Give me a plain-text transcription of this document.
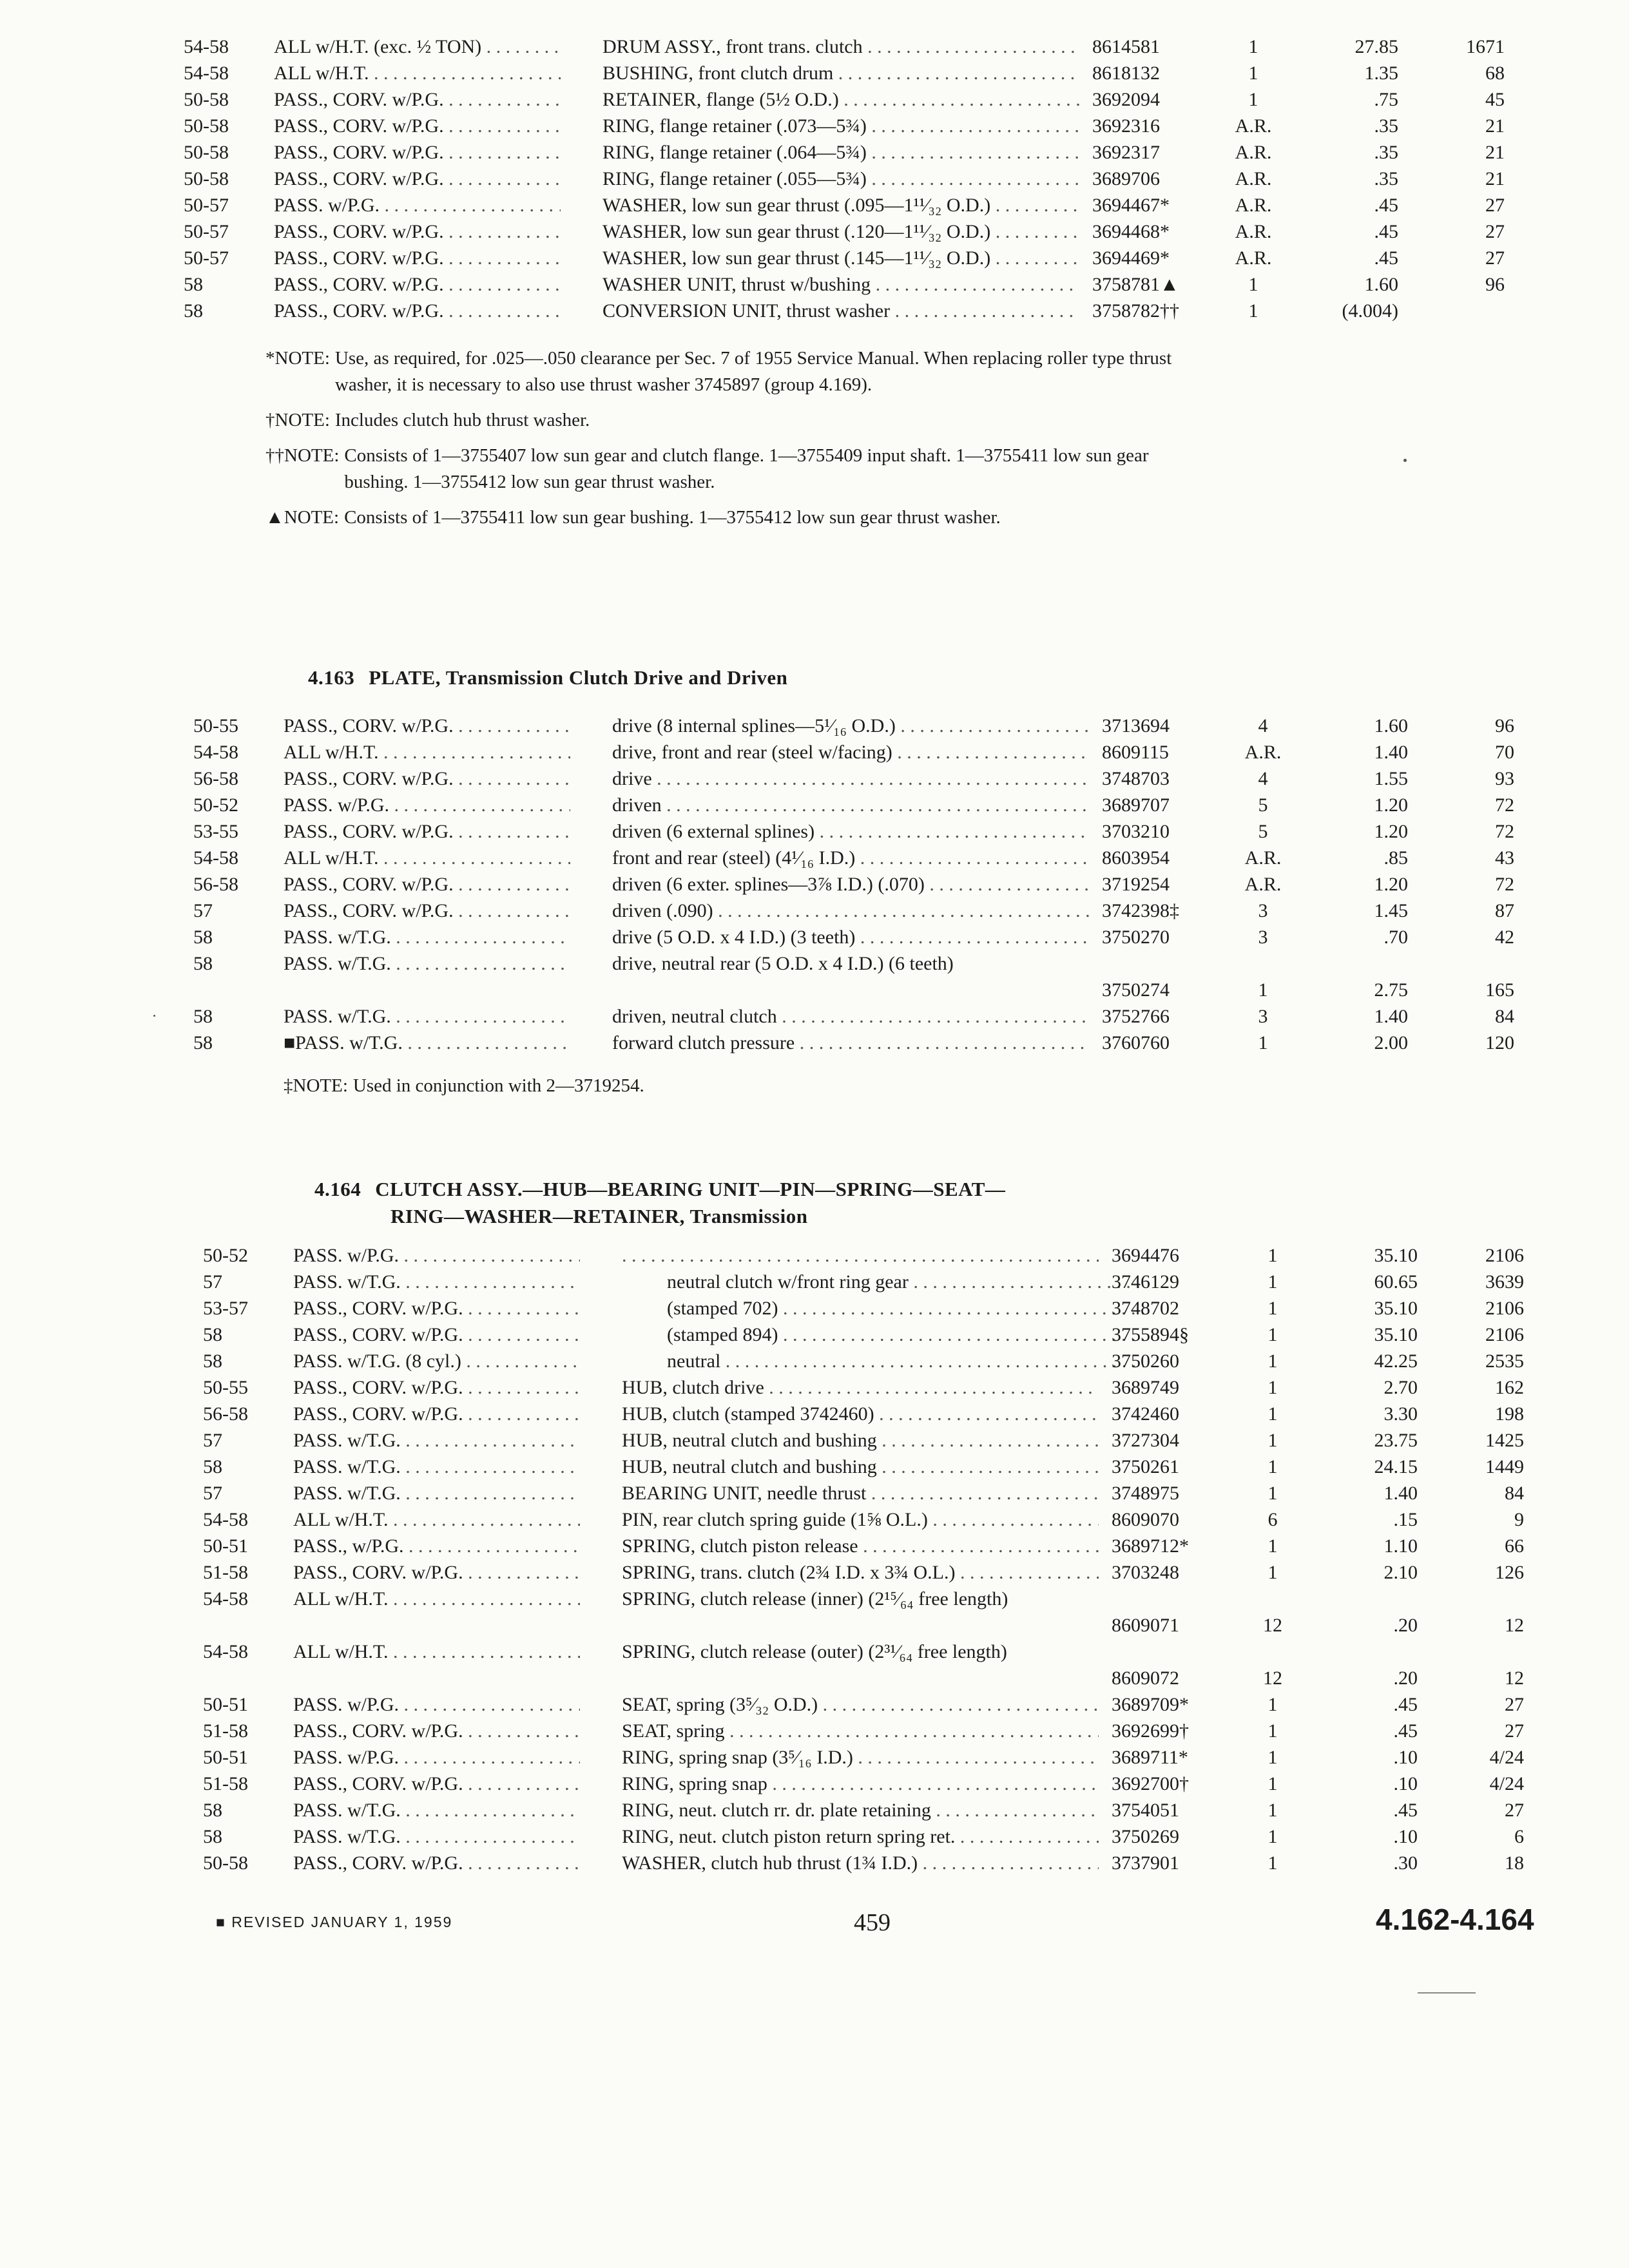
54-58	ALL w/H.T. (exc. ½ TON) . . .	DRUM ASSY., front trans. clutch . . .	8614581	1	27.85	1671
54-58	ALL w/H.T. . . .	BUSHING, front clutch drum . . .	8618132	1	1.35	68
50-58	PASS., CORV. w/P.G. . . .	RETAINER, flange (5½ O.D.) . . .	3692094	1	.75	45
50-58	PASS., CORV. w/P.G. . . .	RING, flange retainer (.073—5¾) . . .	3692316	A.R.	.35	21
50-58	PASS., CORV. w/P.G. . . .	RING, flange retainer (.064—5¾) . . .	3692317	A.R.	.35	21
50-58	PASS., CORV. w/P.G. . . .	RING, flange retainer (.055—5¾) . . .	3689706	A.R.	.35	21
50-57	PASS. w/P.G. . . .	WASHER, low sun gear thrust (.095—1¹¹⁄₃₂ O.D.) . . .	3694467*	A.R.	.45	27
50-57	PASS., CORV. w/P.G. . . .	WASHER, low sun gear thrust (.120—1¹¹⁄₃₂ O.D.) . . .	3694468*	A.R.	.45	27
50-57	PASS., CORV. w/P.G. . . .	WASHER, low sun gear thrust (.145—1¹¹⁄₃₂ O.D.) . . .	3694469*	A.R.	.45	27
58	PASS., CORV. w/P.G. . . .	WASHER UNIT, thrust w/bushing . . .	3758781▲	1	1.60	96
58	PASS., CORV. w/P.G. . . .	CONVERSION UNIT, thrust washer . . .	3758782††	1	(4.004)
*NOTE: Use, as required, for .025—.050 clearance per Sec. 7 of 1955 Service Manual. When replacing roller type thrust washer, it is necessary to also use thrust washer 3745897 (group 4.169).
†NOTE: Includes clutch hub thrust washer.
††NOTE: Consists of 1—3755407 low sun gear and clutch flange. 1—3755409 input shaft. 1—3755411 low sun gear bushing. 1—3755412 low sun gear thrust washer.
▲NOTE: Consists of 1—3755411 low sun gear bushing. 1—3755412 low sun gear thrust washer.
4.163 PLATE, Transmission Clutch Drive and Driven
50-55	PASS., CORV. w/P.G. . . .	drive (8 internal splines—5¹⁄₁₆ O.D.) . . .	3713694	4	1.60	96
54-58	ALL w/H.T. . . .	drive, front and rear (steel w/facing) . . .	8609115	A.R.	1.40	70
56-58	PASS., CORV. w/P.G. . . .	drive . . .	3748703	4	1.55	93
50-52	PASS. w/P.G. . . .	driven . . .	3689707	5	1.20	72
53-55	PASS., CORV. w/P.G. . . .	driven (6 external splines) . . .	3703210	5	1.20	72
54-58	ALL w/H.T. . . .	front and rear (steel) (4¹⁄₁₆ I.D.) . . .	8603954	A.R.	.85	43
56-58	PASS., CORV. w/P.G. . . .	driven (6 exter. splines—3⅞ I.D.) (.070) . . .	3719254	A.R.	1.20	72
57	PASS., CORV. w/P.G. . . .	driven (.090) . . .	3742398‡	3	1.45	87
58	PASS. w/T.G. . . .	drive (5 O.D. x 4 I.D.) (3 teeth) . . .	3750270	3	.70	42
58	PASS. w/T.G. . . .	drive, neutral rear (5 O.D. x 4 I.D.) (6 teeth)
3750274	1	2.75	165
58	PASS. w/T.G. . . .	driven, neutral clutch . . .	3752766	3	1.40	84
58	■PASS. w/T.G. . . .	forward clutch pressure . . .	3760760	1	2.00	120
‡NOTE: Used in conjunction with 2—3719254.
4.164 CLUTCH ASSY.—HUB—BEARING UNIT—PIN—SPRING—SEAT—
RING—WASHER—RETAINER, Transmission
50-52	PASS. w/P.G. . . .
. . .	3694476	1	35.10	2106
57	PASS. w/T.G. . . .	neutral clutch w/front ring gear . . .	3746129	1	60.65	3639
53-57	PASS., CORV. w/P.G. . . .	(stamped 702) . . .	3748702	1	35.10	2106
58	PASS., CORV. w/P.G. . . .	(stamped 894) . . .	3755894§	1	35.10	2106
58	PASS. w/T.G. (8 cyl.) . . .	neutral . . .	3750260	1	42.25	2535
50-55	PASS., CORV. w/P.G. . . .	HUB, clutch drive . . .	3689749	1	2.70	162
56-58	PASS., CORV. w/P.G. . . .	HUB, clutch (stamped 3742460) . . .	3742460	1	3.30	198
57	PASS. w/T.G. . . .	HUB, neutral clutch and bushing . . .	3727304	1	23.75	1425
58	PASS. w/T.G. . . .	HUB, neutral clutch and bushing . . .	3750261	1	24.15	1449
57	PASS. w/T.G. . . .	BEARING UNIT, needle thrust . . .	3748975	1	1.40	84
54-58	ALL w/H.T. . . .	PIN, rear clutch spring guide (1⅝ O.L.) . . .	8609070	6	.15	9
50-51	PASS., w/P.G. . . .	SPRING, clutch piston release . . .	3689712*	1	1.10	66
51-58	PASS., CORV. w/P.G. . . .	SPRING, trans. clutch (2¾ I.D. x 3¾ O.L.) . . .	3703248	1	2.10	126
54-58	ALL w/H.T. . . .	SPRING, clutch release (inner) (2¹⁵⁄₆₄ free length)
8609071	12	.20	12
54-58	ALL w/H.T. . . .	SPRING, clutch release (outer) (2³¹⁄₆₄ free length)
8609072	12	.20	12
50-51	PASS. w/P.G. . . .	SEAT, spring (3⁵⁄₃₂ O.D.) . . .	3689709*	1	.45	27
51-58	PASS., CORV. w/P.G. . . .	SEAT, spring . . .	3692699†	1	.45	27
50-51	PASS. w/P.G. . . .	RING, spring snap (3⁵⁄₁₆ I.D.) . . .	3689711*	1	.10	4/24
51-58	PASS., CORV. w/P.G. . . .	RING, spring snap . . .	3692700†	1	.10	4/24
58	PASS. w/T.G. . . .	RING, neut. clutch rr. dr. plate retaining . . .	3754051	1	.45	27
58	PASS. w/T.G. . . .	RING, neut. clutch piston return spring ret. . . .	3750269	1	.10	6
50-58	PASS., CORV. w/P.G. . . .	WASHER, clutch hub thrust (1¾ I.D.) . . .	3737901	1	.30	18
■ REVISED JANUARY 1, 1959	459	4.162-4.164
